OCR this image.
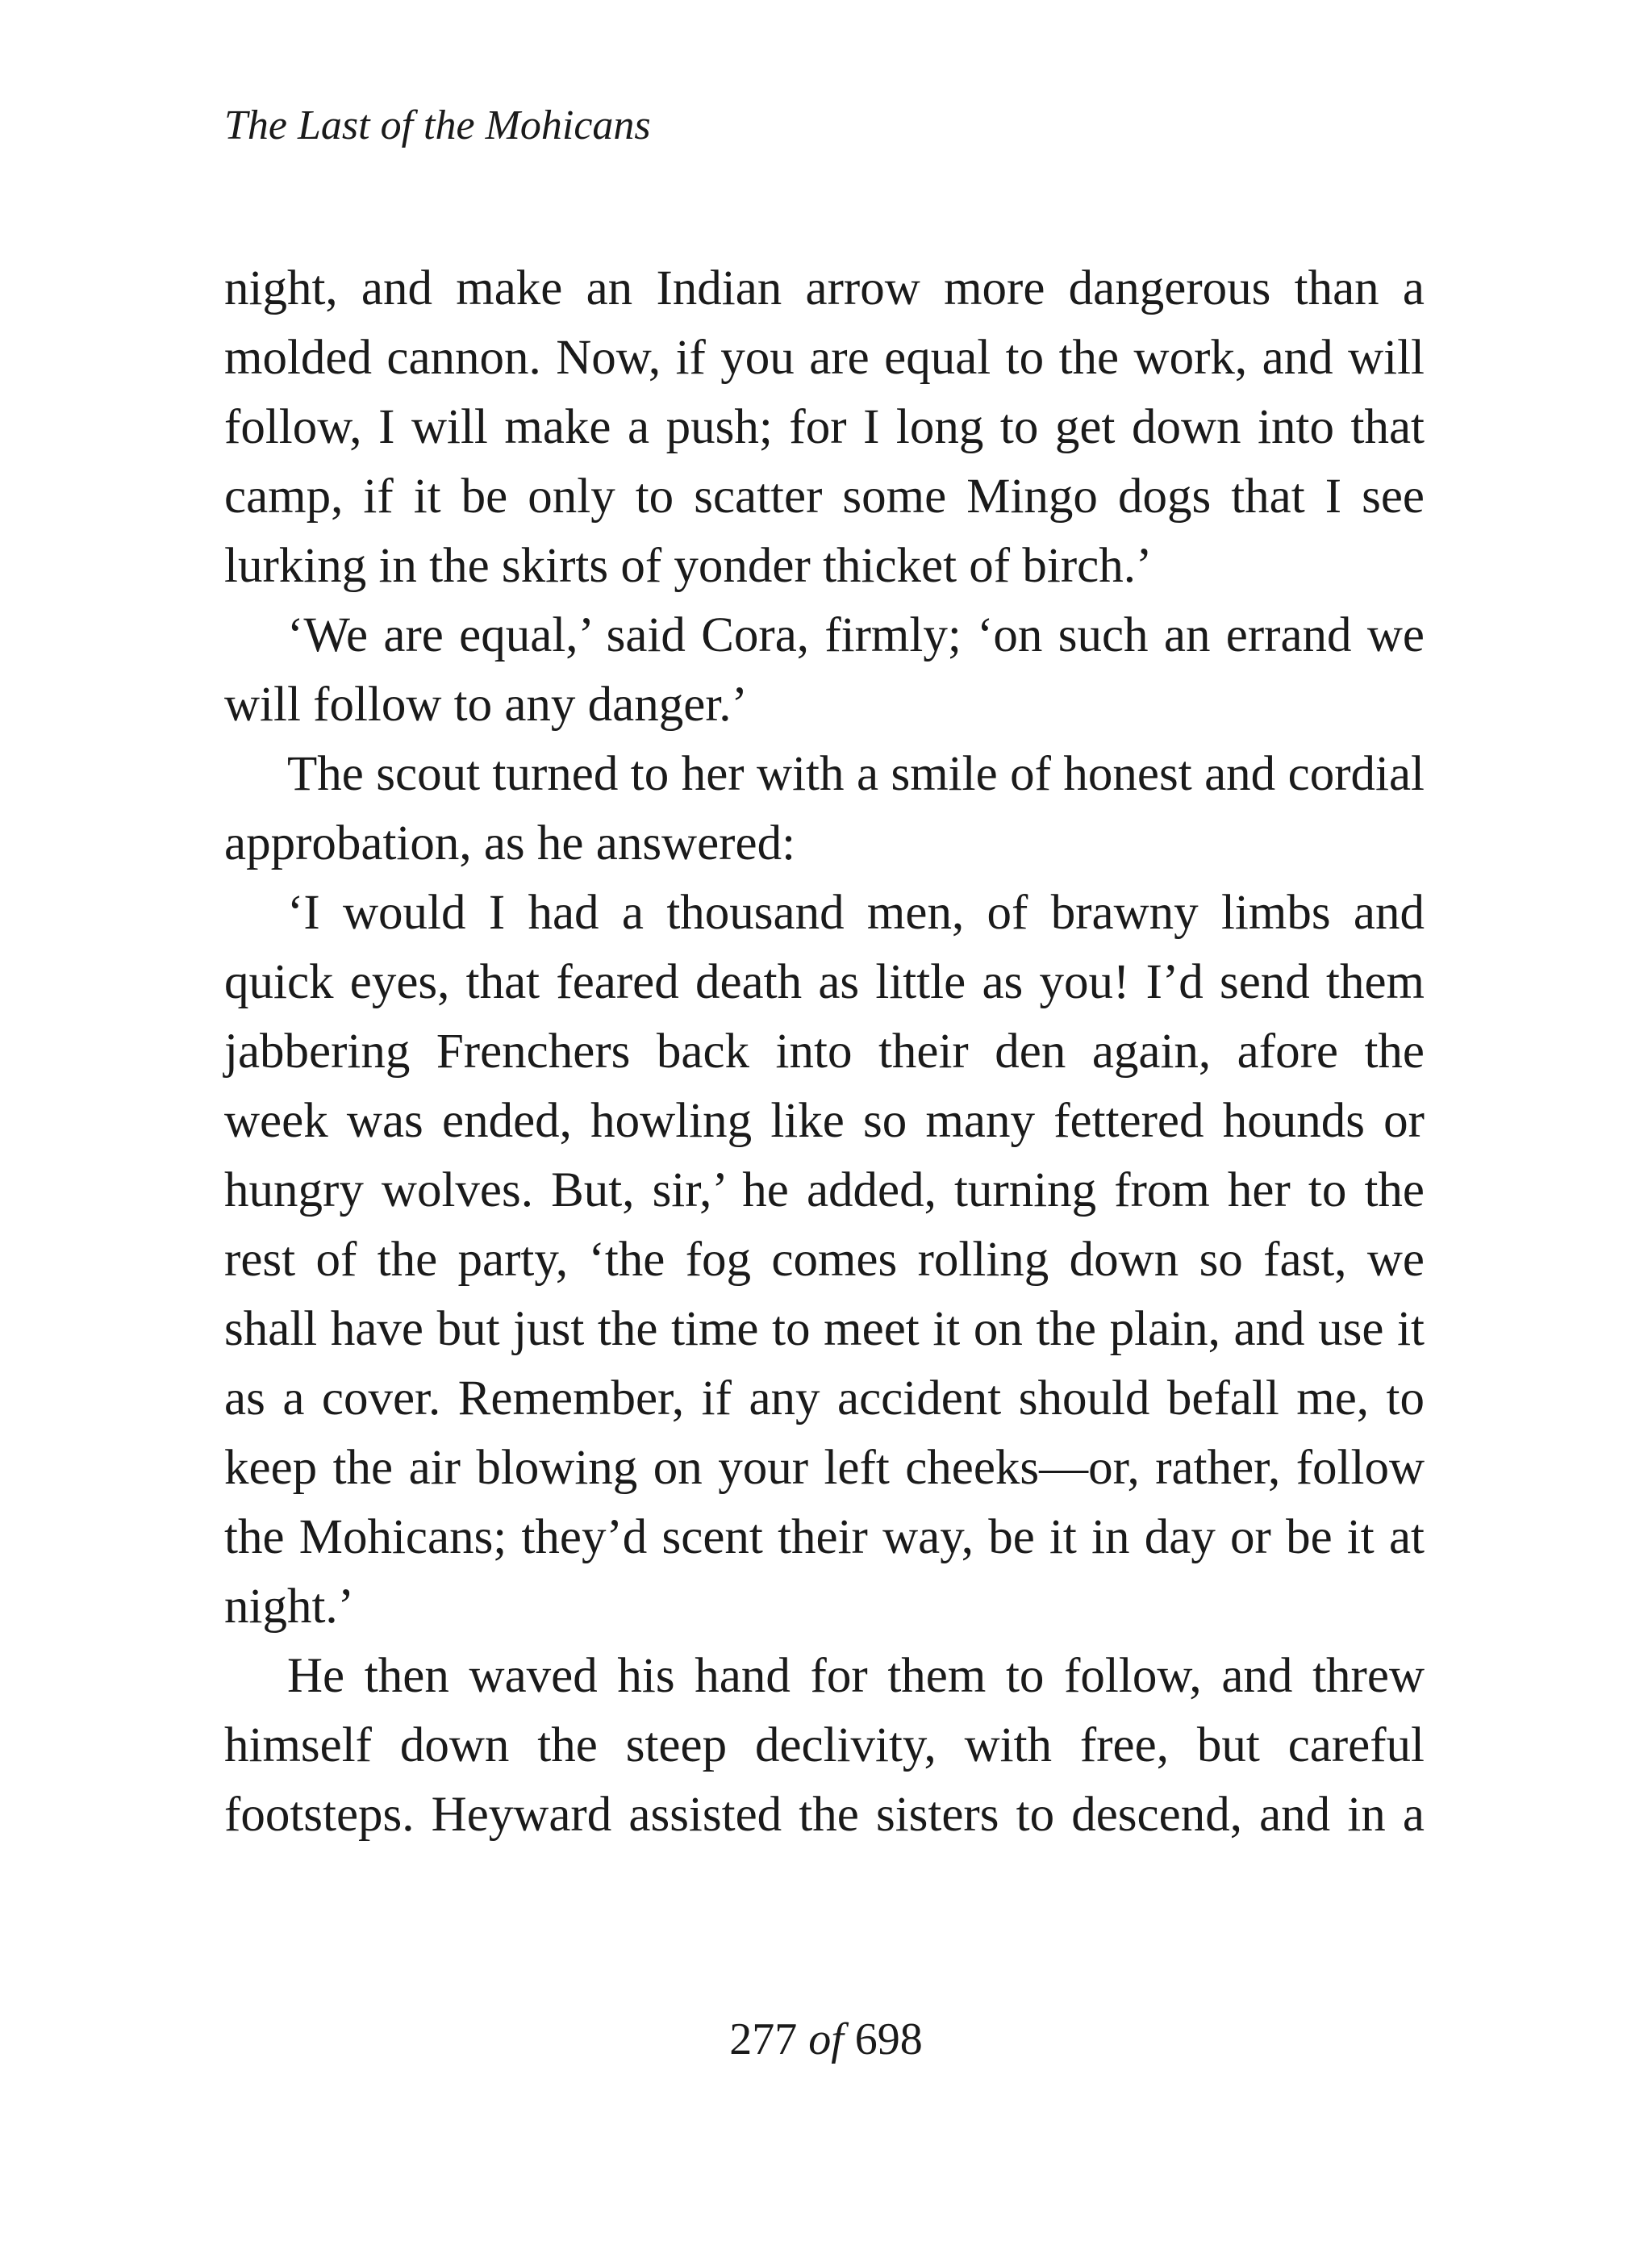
The Last of the Mohicans

night, and make an Indian arrow more dangerous than a molded cannon. Now, if you are equal to the work, and will follow, I will make a push; for I long to get down into that camp, if it be only to scatter some Mingo dogs that I see lurking in the skirts of yonder thicket of birch.’

‘We are equal,’ said Cora, firmly; ‘on such an errand we will follow to any danger.’

The scout turned to her with a smile of honest and cordial approbation, as he answered:

‘I would I had a thousand men, of brawny limbs and quick eyes, that feared death as little as you! I’d send them jabbering Frenchers back into their den again, afore the week was ended, howling like so many fettered hounds or hungry wolves. But, sir,’ he added, turning from her to the rest of the party, ‘the fog comes rolling down so fast, we shall have but just the time to meet it on the plain, and use it as a cover. Remember, if any accident should befall me, to keep the air blowing on your left cheeks—or, rather, follow the Mohicans; they’d scent their way, be it in day or be it at night.’

He then waved his hand for them to follow, and threw himself down the steep declivity, with free, but careful footsteps. Heyward assisted the sisters to descend, and in a

277 of 698
